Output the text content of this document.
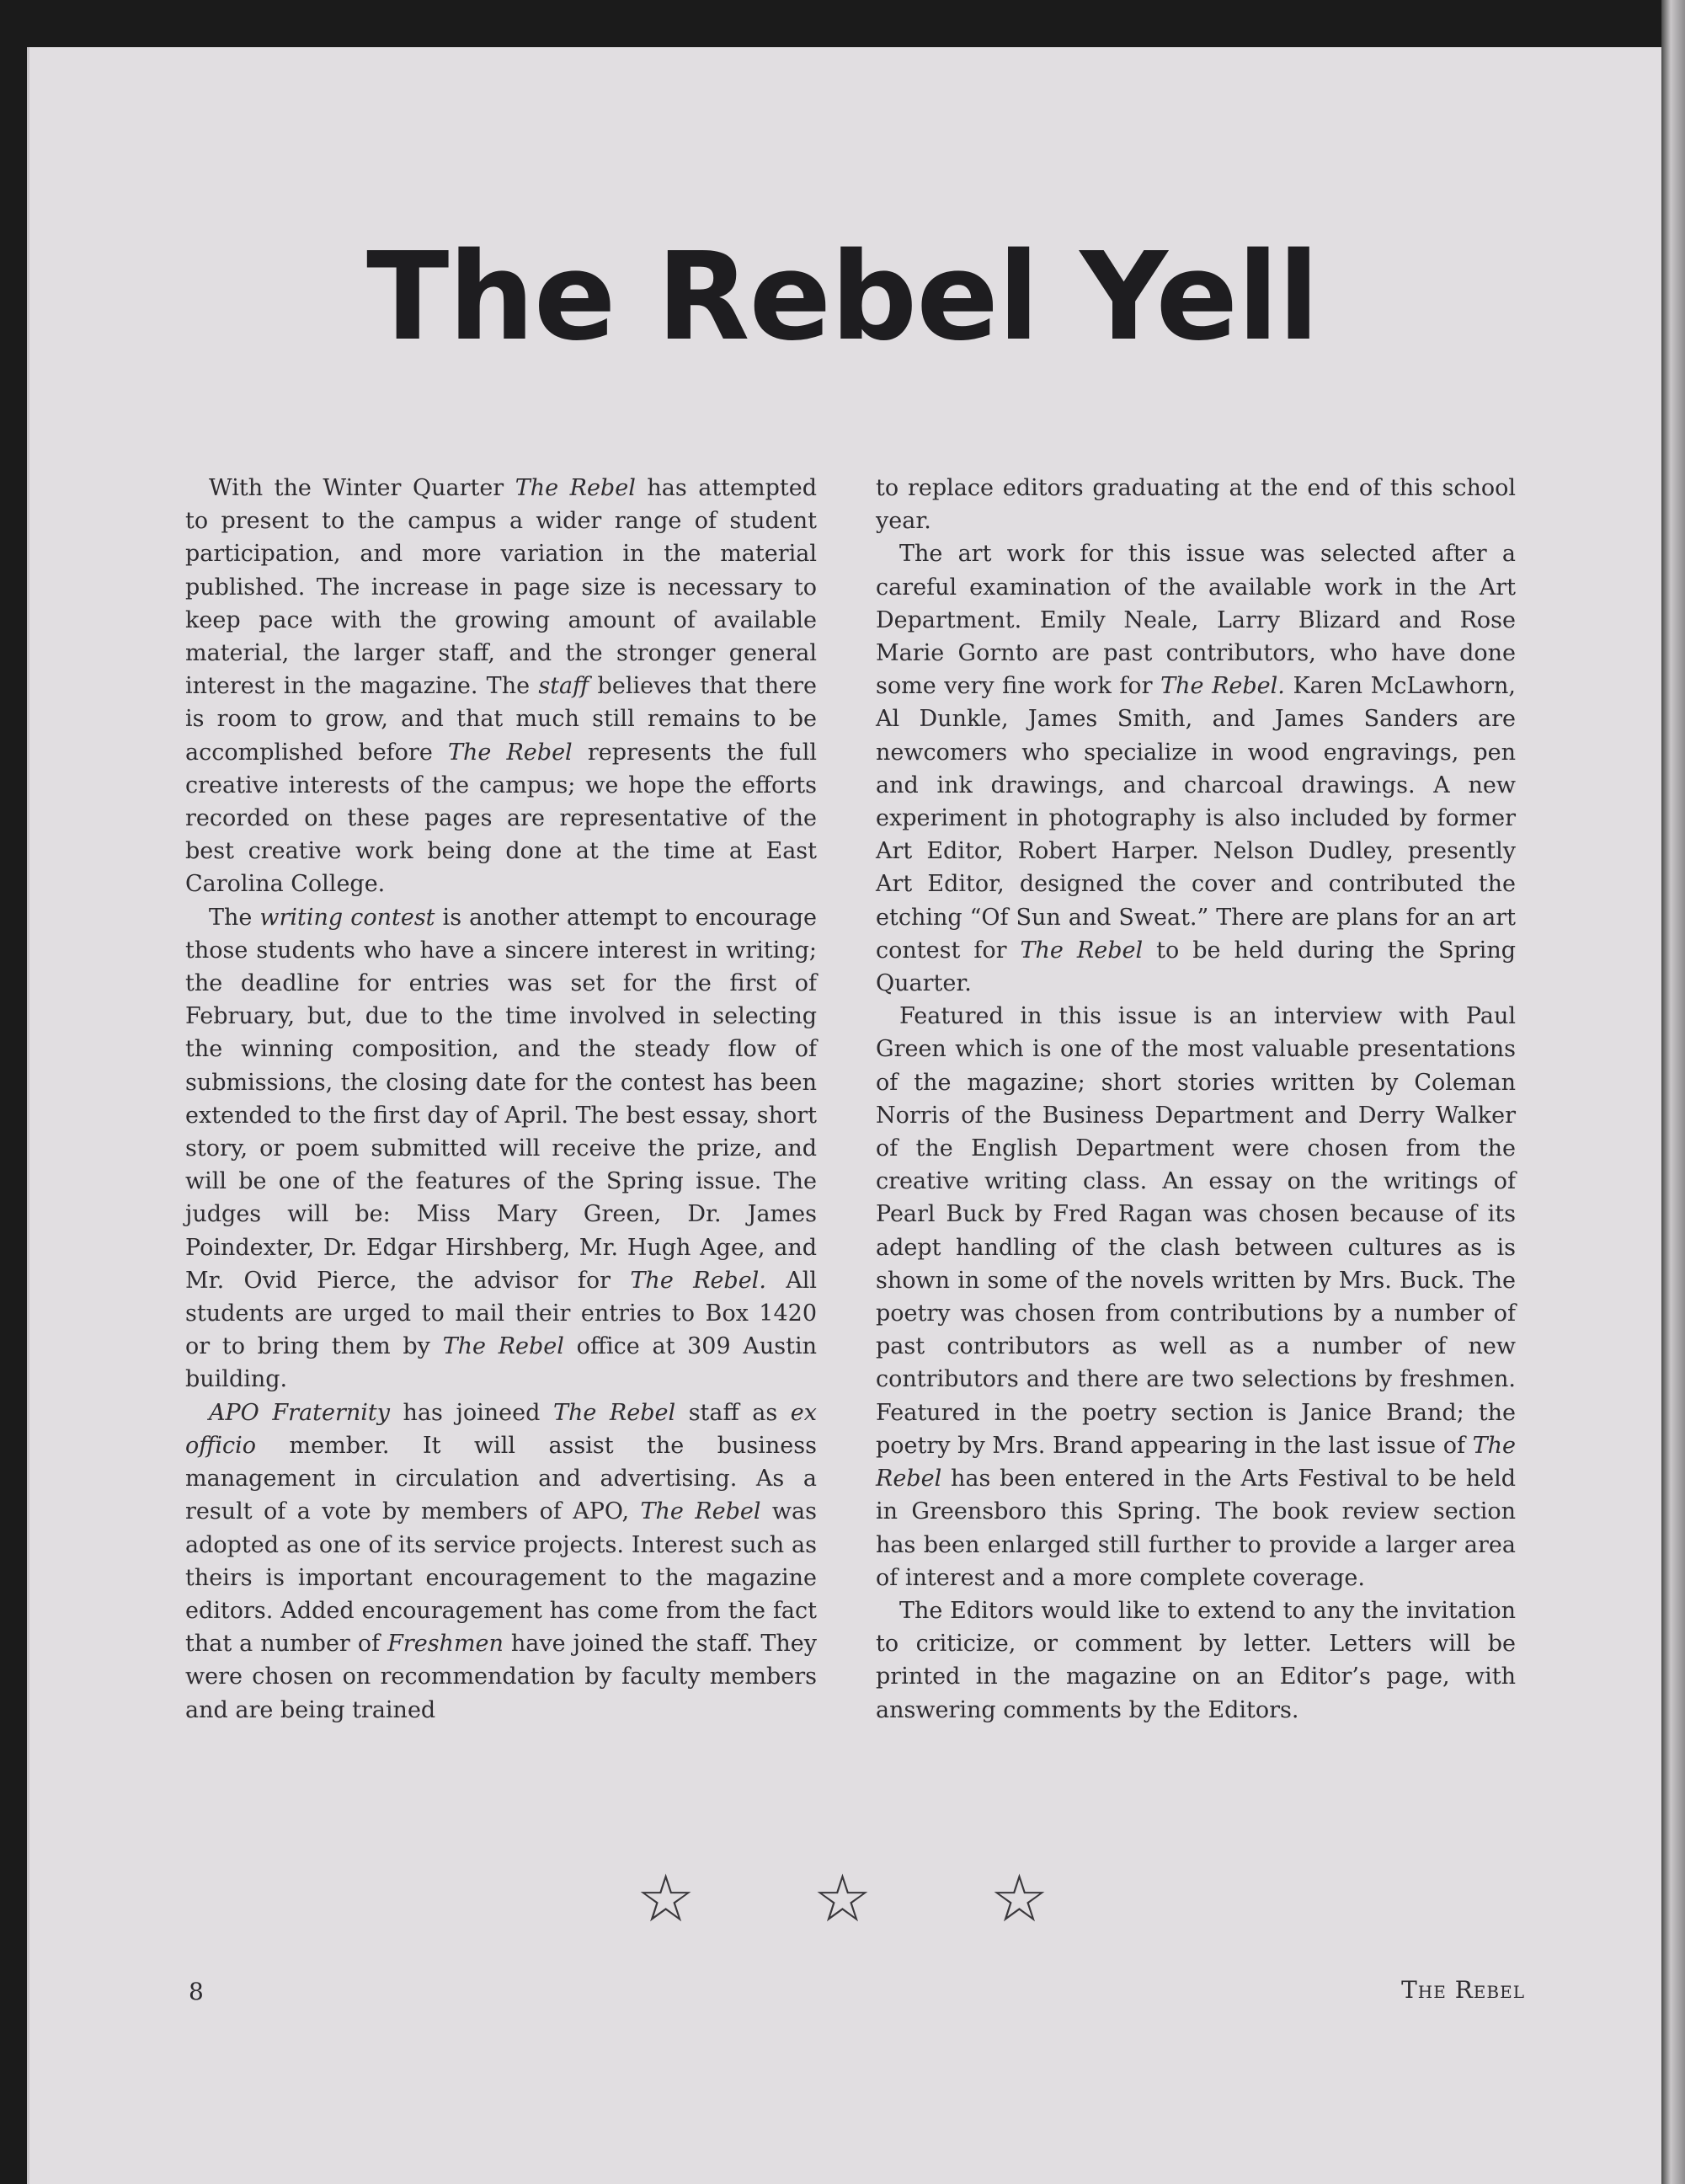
The Rebel Yell

With the Winter Quarter The Rebel has attempted to present to the campus a wider range of student participation, and more variation in the material published. The increase in page size is necessary to keep pace with the growing amount of available material, the larger staff, and the stronger general interest in the magazine. The staff believes that there is room to grow, and that much still remains to be accomplished before The Rebel represents the full creative interests of the campus; we hope the efforts recorded on these pages are representative of the best creative work being done at the time at East Carolina College.

The writing contest is another attempt to encourage those students who have a sincere interest in writing; the deadline for entries was set for the first of February, but, due to the time involved in selecting the winning composition, and the steady flow of submissions, the closing date for the contest has been extended to the first day of April. The best essay, short story, or poem submitted will receive the prize, and will be one of the features of the Spring issue. The judges will be: Miss Mary Green, Dr. James Poindexter, Dr. Edgar Hirshberg, Mr. Hugh Agee, and Mr. Ovid Pierce, the advisor for The Rebel. All students are urged to mail their entries to Box 1420 or to bring them by The Rebel office at 309 Austin building.

APO Fraternity has joineed The Rebel staff as ex officio member. It will assist the business management in circulation and advertising. As a result of a vote by members of APO, The Rebel was adopted as one of its service projects. Interest such as theirs is important encouragement to the magazine editors. Added encouragement has come from the fact that a number of Freshmen have joined the staff. They were chosen on recommendation by faculty members and are being trained

to replace editors graduating at the end of this school year.

The art work for this issue was selected after a careful examination of the available work in the Art Department. Emily Neale, Larry Blizard and Rose Marie Gornto are past contributors, who have done some very fine work for The Rebel. Karen McLawhorn, Al Dunkle, James Smith, and James Sanders are newcomers who specialize in wood engravings, pen and ink drawings, and charcoal drawings. A new experiment in photography is also included by former Art Editor, Robert Harper. Nelson Dudley, presently Art Editor, designed the cover and contributed the etching “Of Sun and Sweat.” There are plans for an art contest for The Rebel to be held during the Spring Quarter.

Featured in this issue is an interview with Paul Green which is one of the most valuable presentations of the magazine; short stories written by Coleman Norris of the Business Department and Derry Walker of the English Department were chosen from the creative writing class. An essay on the writings of Pearl Buck by Fred Ragan was chosen because of its adept handling of the clash between cultures as is shown in some of the novels written by Mrs. Buck. The poetry was chosen from contributions by a number of past contributors as well as a number of new contributors and there are two selections by freshmen. Featured in the poetry section is Janice Brand; the poetry by Mrs. Brand appearing in the last issue of The Rebel has been entered in the Arts Festival to be held in Greensboro this Spring. The book review section has been enlarged still further to provide a larger area of interest and a more complete coverage.

The Editors would like to extend to any the invitation to criticize, or comment by letter. Letters will be printed in the magazine on an Editor’s page, with answering comments by the Editors.

☆ ☆ ☆
8	The Rebel
